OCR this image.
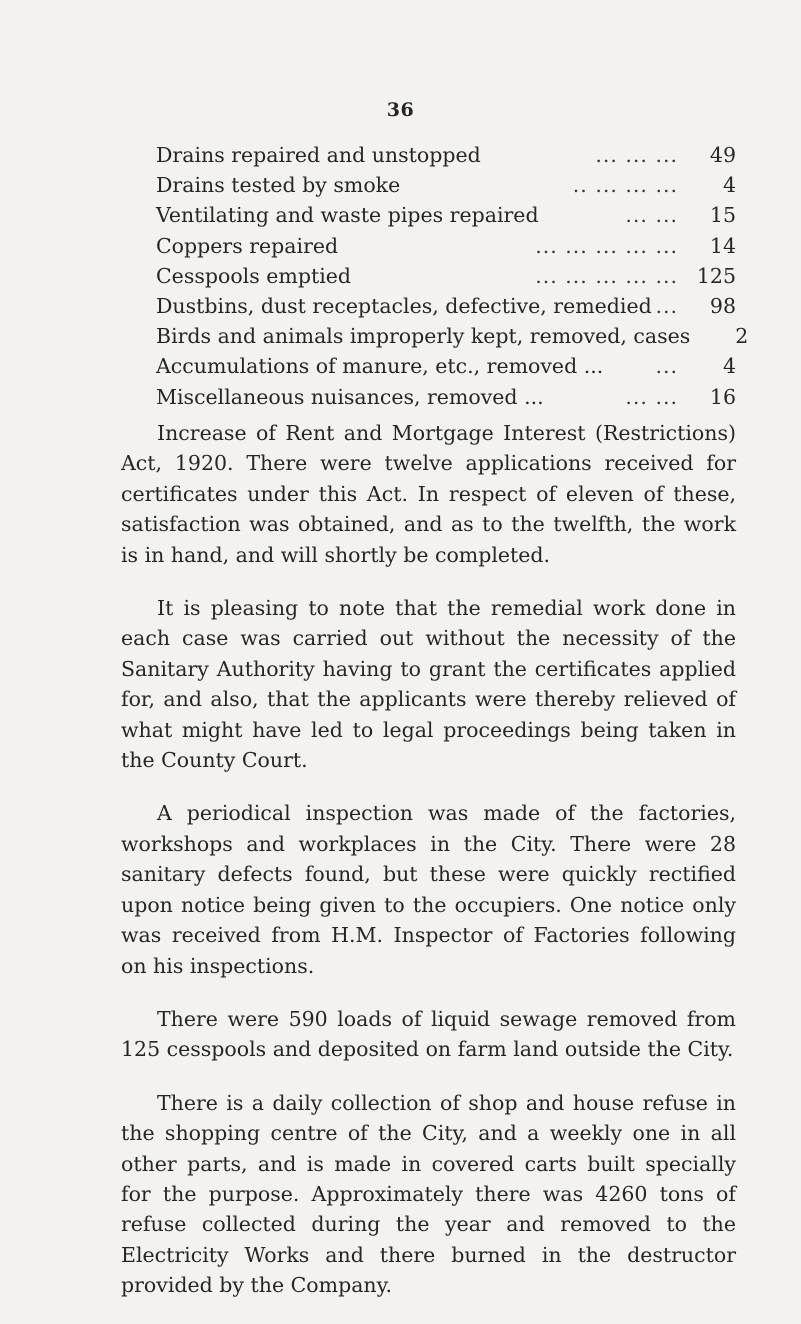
36
Drains repaired and unstopped	... ... ...	49
Drains tested by smoke	.. ... ... ...	4
Ventilating and waste pipes repaired	... ...	15
Coppers repaired	... ... ... ... ...	14
Cesspools emptied	... ... ... ... ... 125
Dustbins, dust receptacles, defective, remedied ...	98
Birds and animals improperly kept, removed, cases	2
Accumulations of manure, etc., removed ...	...	4
Miscellaneous nuisances, removed ...	... ...	16

Increase of Rent and Mortgage Interest (Restrictions) Act, 1920. There were twelve applications received for certificates under this Act. In respect of eleven of these, satisfaction was obtained, and as to the twelfth, the work is in hand, and will shortly be completed.

It is pleasing to note that the remedial work done in each case was carried out without the necessity of the Sanitary Authority having to grant the certificates applied for, and also, that the applicants were thereby relieved of what might have led to legal proceedings being taken in the County Court.

A periodical inspection was made of the factories, workshops and workplaces in the City. There were 28 sanitary defects found, but these were quickly rectified upon notice being given to the occupiers. One notice only was received from H.M. Inspector of Factories following on his inspections.

There were 590 loads of liquid sewage removed from 125 cesspools and deposited on farm land outside the City.

There is a daily collection of shop and house refuse in the shopping centre of the City, and a weekly one in all other parts, and is made in covered carts built specially for the purpose. Approximately there was 4260 tons of refuse collected during the year and removed to the Electricity Works and there burned in the destructor provided by the Company.
